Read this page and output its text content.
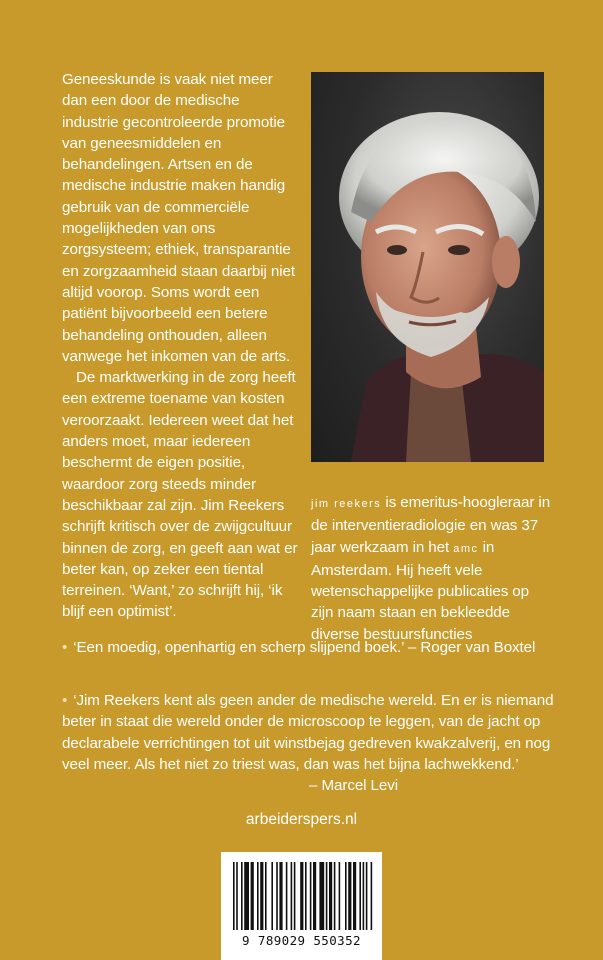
Geneeskunde is vaak niet meer dan een door de medische industrie gecontroleerde promotie van geneesmiddelen en behandelingen. Artsen en de medische industrie maken handig gebruik van de commerciële mogelijkheden van ons zorgsysteem; ethiek, transparantie en zorgzaamheid staan daarbij niet altijd voorop. Soms wordt een patiënt bijvoorbeeld een betere behandeling onthouden, alleen vanwege het inkomen van de arts.

De marktwerking in de zorg heeft een extreme toename van kosten veroorzaakt. Iedereen weet dat het anders moet, maar iedereen beschermt de eigen positie, waardoor zorg steeds minder beschikbaar zal zijn. Jim Reekers schrijft kritisch over de zwijgcultuur binnen de zorg, en geeft aan wat er beter kan, op zeker een tiental terreinen. ‘Want,’ zo schrijft hij, ‘ik blijf een optimist’.

jim reekers is emeritus-hoogleraar in de interventieradiologie en was 37 jaar werkzaam in het amc in Amsterdam. Hij heeft vele wetenschappelijke publicaties op zijn naam staan en bekleedde diverse bestuursfuncties

• ‘Een moedig, openhartig en scherp slijpend boek.’ – Roger van Boxtel
• ‘Jim Reekers kent als geen ander de medische wereld. En er is niemand beter in staat die wereld onder de microscoop te leggen, van de jacht op declarabele verrichtingen tot uit winstbejag gedreven kwakzalverij, en nog veel meer. Als het niet zo triest was, dan was het bijna lachwekkend.’
– Marcel Levi
arbeiderspers.nl
9 789029 550352
